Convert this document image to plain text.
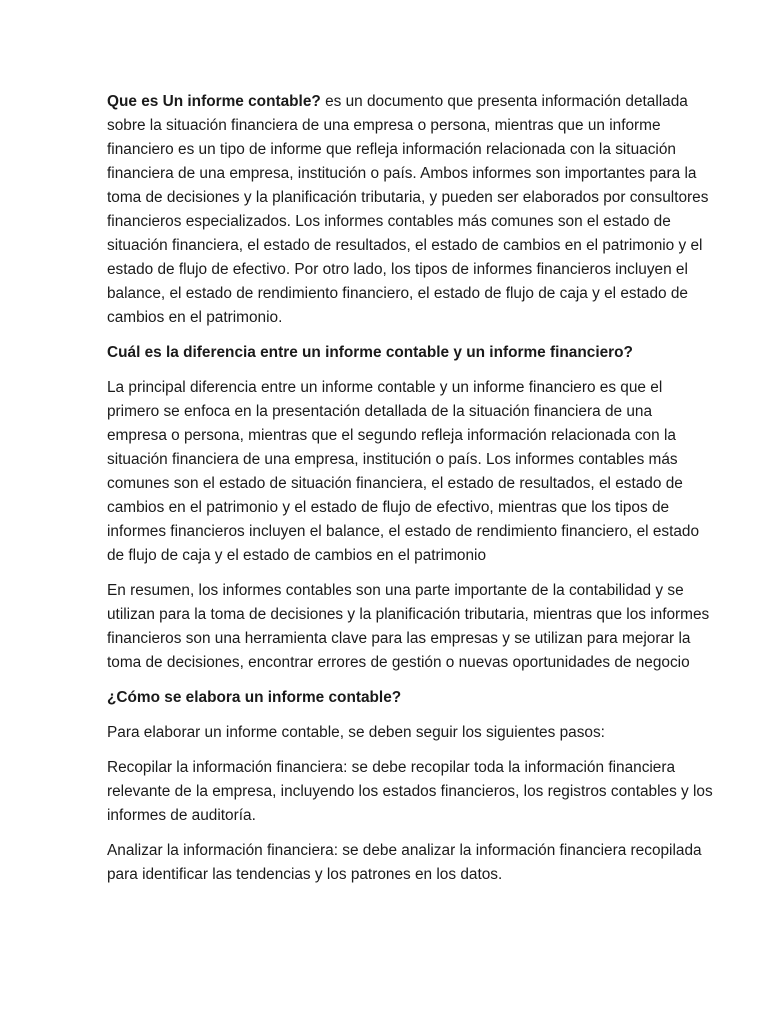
Que es Un informe contable? es un documento que presenta información detallada sobre la situación financiera de una empresa o persona, mientras que un informe financiero es un tipo de informe que refleja información relacionada con la situación financiera de una empresa, institución o país. Ambos informes son importantes para la toma de decisiones y la planificación tributaria, y pueden ser elaborados por consultores financieros especializados. Los informes contables más comunes son el estado de situación financiera, el estado de resultados, el estado de cambios en el patrimonio y el estado de flujo de efectivo. Por otro lado, los tipos de informes financieros incluyen el balance, el estado de rendimiento financiero, el estado de flujo de caja y el estado de cambios en el patrimonio.

Cuál es la diferencia entre un informe contable y un informe financiero?

La principal diferencia entre un informe contable y un informe financiero es que el primero se enfoca en la presentación detallada de la situación financiera de una empresa o persona, mientras que el segundo refleja información relacionada con la situación financiera de una empresa, institución o país. Los informes contables más comunes son el estado de situación financiera, el estado de resultados, el estado de cambios en el patrimonio y el estado de flujo de efectivo, mientras que los tipos de informes financieros incluyen el balance, el estado de rendimiento financiero, el estado de flujo de caja y el estado de cambios en el patrimonio

En resumen, los informes contables son una parte importante de la contabilidad y se utilizan para la toma de decisiones y la planificación tributaria, mientras que los informes financieros son una herramienta clave para las empresas y se utilizan para mejorar la toma de decisiones, encontrar errores de gestión o nuevas oportunidades de negocio

¿Cómo se elabora un informe contable?

Para elaborar un informe contable, se deben seguir los siguientes pasos:

Recopilar la información financiera: se debe recopilar toda la información financiera relevante de la empresa, incluyendo los estados financieros, los registros contables y los informes de auditoría.

Analizar la información financiera: se debe analizar la información financiera recopilada para identificar las tendencias y los patrones en los datos.
